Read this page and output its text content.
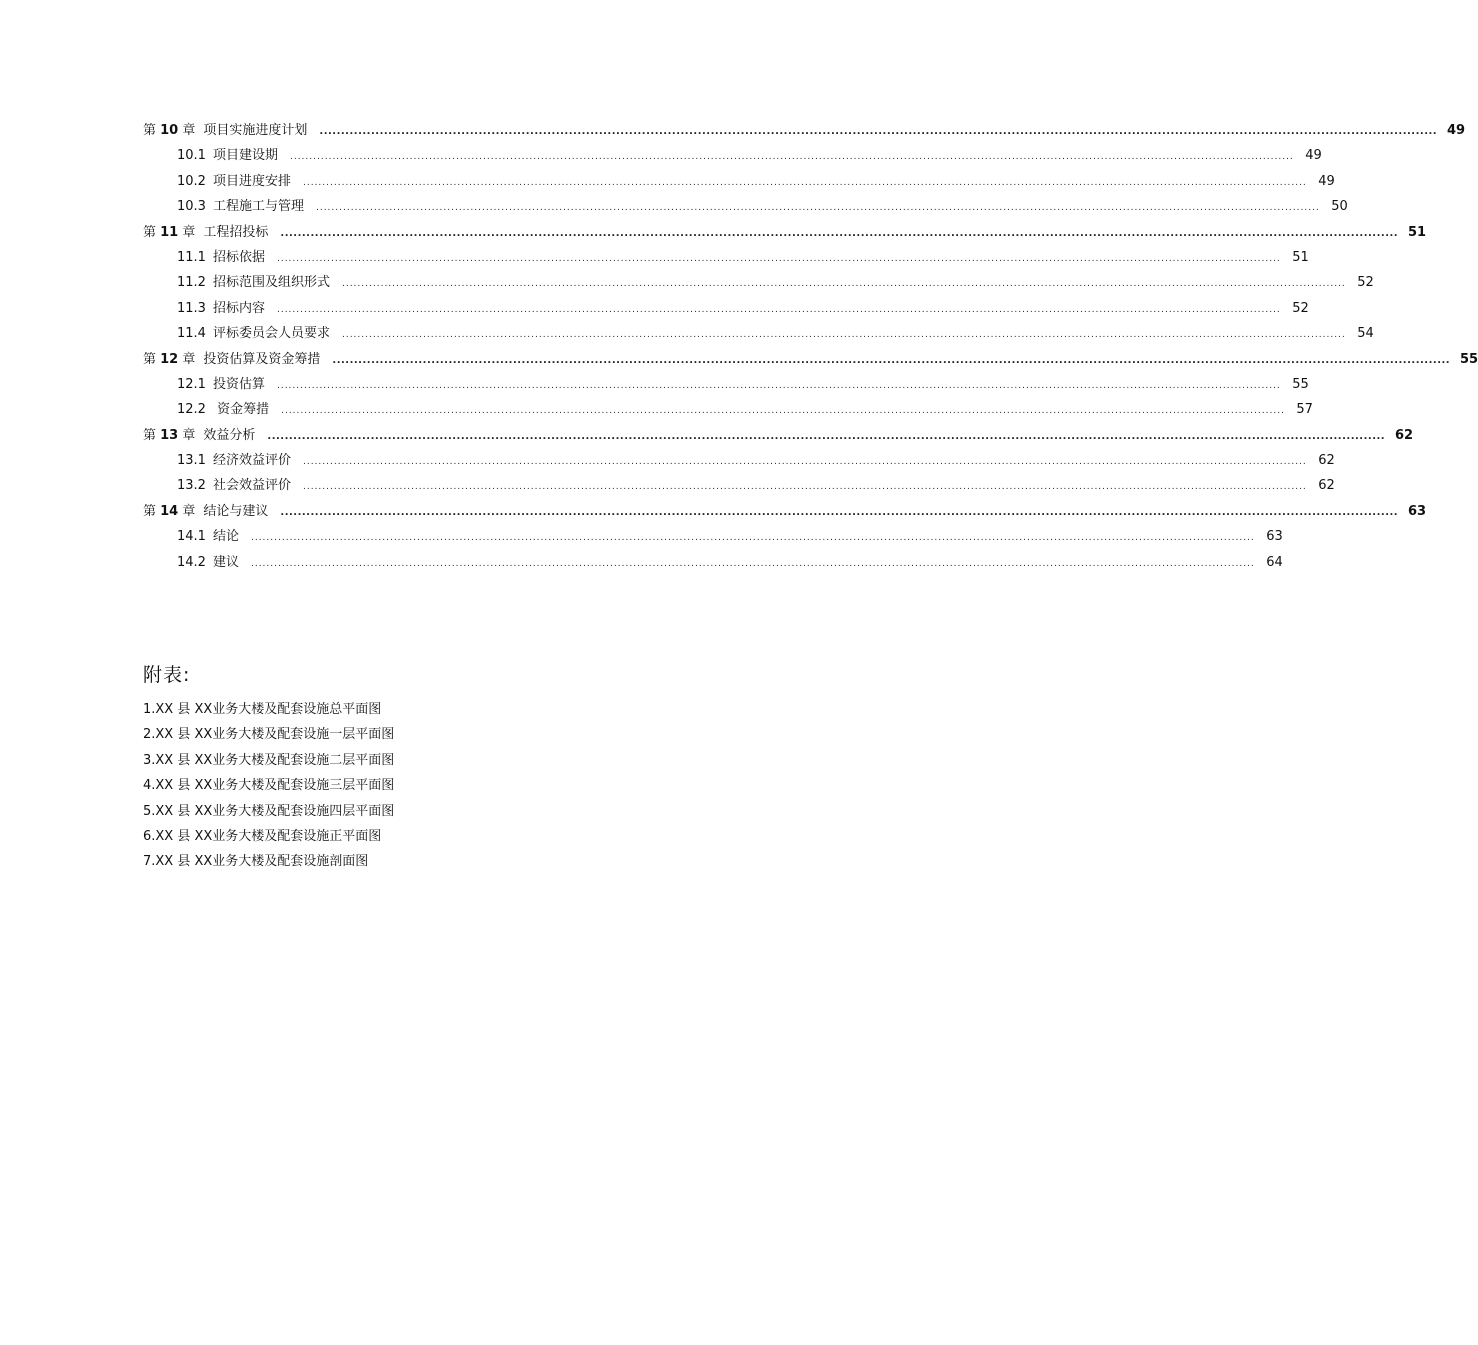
第 10 章 项目实施进度计划 .................................................................................................................................................................................................................................................................... 49
10.1 项目建设期 .................................................................................................................................................................................................................................................................... 49
10.2 项目进度安排 .................................................................................................................................................................................................................................................................... 49
10.3 工程施工与管理 .................................................................................................................................................................................................................................................................... 50
第 11 章 工程招投标 .................................................................................................................................................................................................................................................................... 51
11.1 招标依据 .................................................................................................................................................................................................................................................................... 51
11.2 招标范围及组织形式 .................................................................................................................................................................................................................................................................... 52
11.3 招标内容 .................................................................................................................................................................................................................................................................... 52
11.4 评标委员会人员要求 .................................................................................................................................................................................................................................................................... 54
第 12 章 投资估算及资金筹措 .................................................................................................................................................................................................................................................................... 55
12.1 投资估算 .................................................................................................................................................................................................................................................................... 55
12.2 资金筹措 .................................................................................................................................................................................................................................................................... 57
第 13 章 效益分析 .................................................................................................................................................................................................................................................................... 62
13.1 经济效益评价 .................................................................................................................................................................................................................................................................... 62
13.2 社会效益评价 .................................................................................................................................................................................................................................................................... 62
第 14 章 结论与建议 .................................................................................................................................................................................................................................................................... 63
14.1 结论 .................................................................................................................................................................................................................................................................... 63
14.2 建议 .................................................................................................................................................................................................................................................................... 64
附表:
1.XX 县 XX业务大楼及配套设施总平面图
2.XX 县 XX业务大楼及配套设施一层平面图
3.XX 县 XX业务大楼及配套设施二层平面图
4.XX 县 XX业务大楼及配套设施三层平面图
5.XX 县 XX业务大楼及配套设施四层平面图
6.XX 县 XX业务大楼及配套设施正平面图
7.XX 县 XX业务大楼及配套设施剖面图
